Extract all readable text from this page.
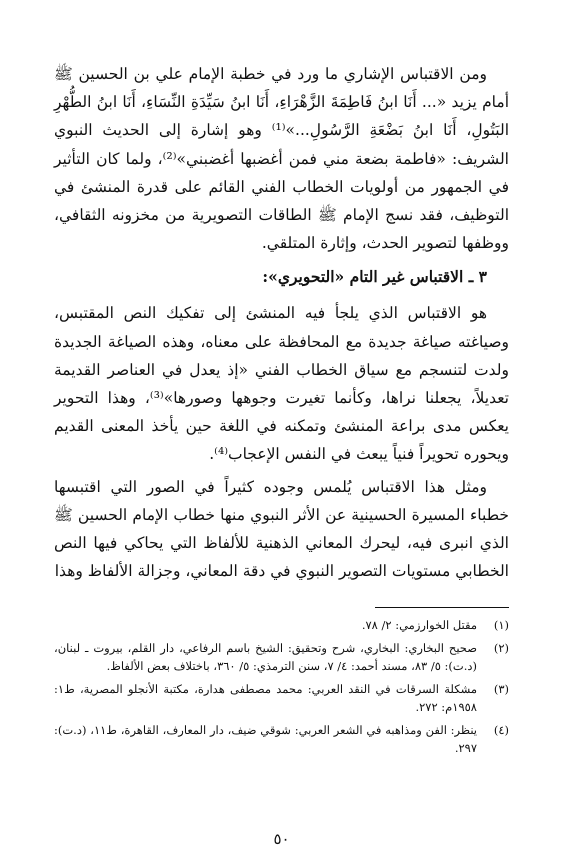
ومن الاقتباس الإشاري ما ورد في خطبة الإمام علي بن الحسين ﷺ أمام يزيد «... أَنَا ابنُ فَاطِمَةَ الزَّهْرَاءِ، أَنَا ابنُ سَيِّدَةِ النِّسَاءِ، أَنَا ابنُ الطُّهْرِ البَتُولِ، أَنَا ابنُ بَضْعَةِ الرَّسُولِ...»⁽¹⁾ وهو إشارة إلى الحديث النبوي الشريف: «فاطمة بضعة مني فمن أغضبها أغضبني»⁽²⁾، ولما كان التأثير في الجمهور من أولويات الخطاب الفني القائم على قدرة المنشئ في التوظيف، فقد نسج الإمام ﷺ الطاقات التصويرية من مخزونه الثقافي، ووظفها لتصوير الحدث، وإثارة المتلقي.

٣ ـ الاقتباس غير التام «التحويري»:

هو الاقتباس الذي يلجأ فيه المنشئ إلى تفكيك النص المقتبس، وصياغته صياغة جديدة مع المحافظة على معناه، وهذه الصياغة الجديدة ولدت لتنسجم مع سياق الخطاب الفني «إذ يعدل في العناصر القديمة تعديلاً، يجعلنا نراها، وكأنما تغيرت وجوهها وصورها»⁽³⁾، وهذا التحوير يعكس مدى براعة المنشئ وتمكنه في اللغة حين يأخذ المعنى القديم ويحوره تحويراً فنياً يبعث في النفس الإعجاب⁽⁴⁾.

ومثل هذا الاقتباس يُلمس وجوده كثيراً في الصور التي اقتبسها خطباء المسيرة الحسينية عن الأثر النبوي منها خطاب الإمام الحسين ﷺ الذي انبرى فيه، ليحرك المعاني الذهنية للألفاظ التي يحاكي فيها النص الخطابي مستويات التصوير النبوي في دقة المعاني، وجزالة الألفاظ وهذا

(١)
مقتل الخوارزمي: ٢/ ٧٨.
(٢)
صحيح البخاري: البخاري، شرح وتحقيق: الشيخ باسم الرفاعي، دار القلم، بيروت ـ لبنان، (د.ت): ٥/ ٨٣، مسند أحمد: ٤/ ٧، سنن الترمذي: ٥/ ٣٦٠، باختلاف بعض الألفاظ.
(٣)
مشكلة السرقات في النقد العربي: محمد مصطفى هدارة، مكتبة الأنجلو المصرية، ط١: ١٩٥٨م: ٢٧٢.
(٤)
ينظر: الفن ومذاهبه في الشعر العربي: شوقي ضيف، دار المعارف، القاهرة، ط١١، (د.ت): ٢٩٧.
٥٠
